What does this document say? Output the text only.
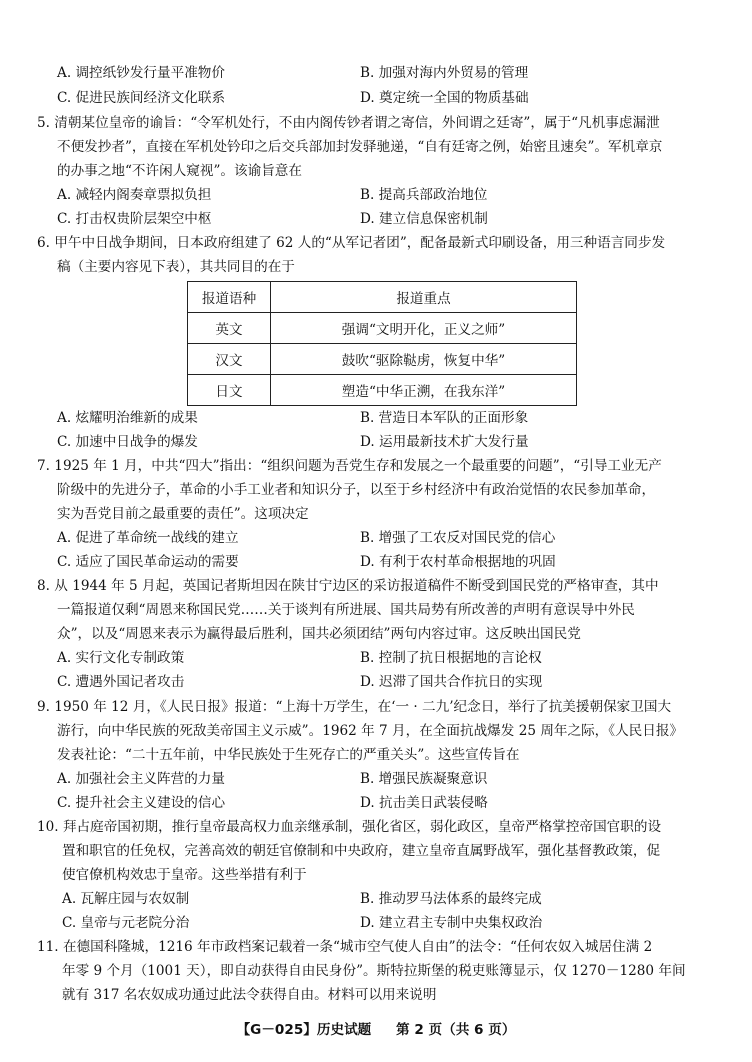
A. 调控纸钞发行量平准物价	B. 加强对海内外贸易的管理
C. 促进民族间经济文化联系	D. 奠定统一全国的物质基础
5. 清朝某位皇帝的谕旨：“令军机处行，不由内阁传钞者谓之寄信，外间谓之廷寄”，属于“凡机事虑漏泄
不便发抄者”，直接在军机处钤印之后交兵部加封发驿驰递，“自有廷寄之例，始密且速矣”。军机章京
的办事之地“不许闲人窥视”。该谕旨意在
A. 减轻内阁奏章票拟负担	B. 提高兵部政治地位
C. 打击权贵阶层架空中枢	D. 建立信息保密机制
6. 甲午中日战争期间，日本政府组建了 62 人的“从军记者团”，配备最新式印刷设备，用三种语言同步发
稿（主要内容见下表），其共同目的在于
报道语种	报道重点
英文	强调“文明开化，正义之师”
汉文	鼓吹“驱除鞑虏，恢复中华”
日文	塑造“中华正溯，在我东洋”
A. 炫耀明治维新的成果	B. 营造日本军队的正面形象
C. 加速中日战争的爆发	D. 运用最新技术扩大发行量
7. 1925 年 1 月，中共“四大”指出：“组织问题为吾党生存和发展之一个最重要的问题”，“引导工业无产
阶级中的先进分子，革命的小手工业者和知识分子，以至于乡村经济中有政治觉悟的农民参加革命，
实为吾党目前之最重要的责任”。这项决定
A. 促进了革命统一战线的建立	B. 增强了工农反对国民党的信心
C. 适应了国民革命运动的需要	D. 有利于农村革命根据地的巩固
8. 从 1944 年 5 月起，英国记者斯坦因在陕甘宁边区的采访报道稿件不断受到国民党的严格审查，其中
一篇报道仅剩“周恩来称国民党……关于谈判有所进展、国共局势有所改善的声明有意误导中外民
众”，以及“周恩来表示为赢得最后胜利，国共必须团结”两句内容过审。这反映出国民党
A. 实行文化专制政策	B. 控制了抗日根据地的言论权
C. 遭遇外国记者攻击	D. 迟滞了国共合作抗日的实现
9. 1950 年 12 月，《人民日报》报道：“上海十万学生，在‘一 · 二九’纪念日，举行了抗美援朝保家卫国大
游行，向中华民族的死敌美帝国主义示威”。1962 年 7 月，在全面抗战爆发 25 周年之际，《人民日报》
发表社论：“二十五年前，中华民族处于生死存亡的严重关头”。这些宣传旨在
A. 加强社会主义阵营的力量	B. 增强民族凝聚意识
C. 提升社会主义建设的信心	D. 抗击美日武装侵略
10. 拜占庭帝国初期，推行皇帝最高权力血亲继承制，强化省区，弱化政区，皇帝严格掌控帝国官职的设
置和职官的任免权，完善高效的朝廷官僚制和中央政府，建立皇帝直属野战军，强化基督教政策，促
使官僚机构效忠于皇帝。这些举措有利于
A. 瓦解庄园与农奴制	B. 推动罗马法体系的最终完成
C. 皇帝与元老院分治	D. 建立君主专制中央集权政治
11. 在德国科隆城，1216 年市政档案记载着一条“城市空气使人自由”的法令：“任何农奴入城居住满 2
年零 9 个月（1001 天），即自动获得自由民身份”。斯特拉斯堡的税吏账簿显示，仅 1270－1280 年间
就有 317 名农奴成功通过此法令获得自由。材料可以用来说明
【G－025】历史试题 第 2 页（共 6 页）
